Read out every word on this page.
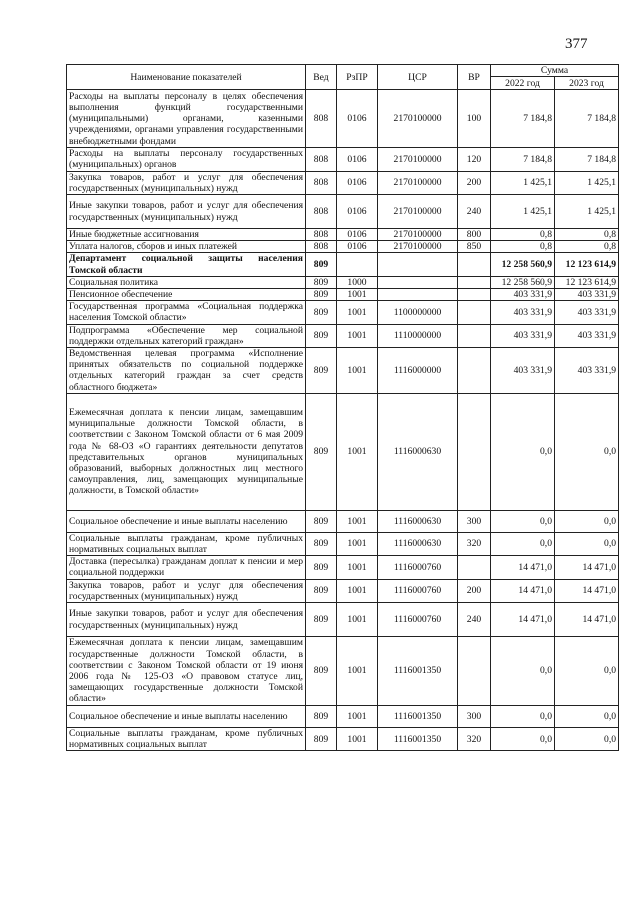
377
Наименование показателей	Вед	РзПР	ЦСР	ВР	Сумма	
					2022 год	2023 год
Расходы на выплаты персоналу в целях обеспечения выполнения функций государственными (муниципальными) органами, казенными учреждениями, органами управления государственными внебюджетными фондами	808	0106	2170100000	100	7 184,8	7 184,8
Расходы на выплаты персоналу государственных (муниципальных) органов	808	0106	2170100000	120	7 184,8	7 184,8
Закупка товаров, работ и услуг для обеспечения государственных (муниципальных) нужд	808	0106	2170100000	200	1 425,1	1 425,1
Иные закупки товаров, работ и услуг для обеспечения государственных (муниципальных) нужд	808	0106	2170100000	240	1 425,1	1 425,1
Иные бюджетные ассигнования	808	0106	2170100000	800	0,8	0,8
Уплата налогов, сборов и иных платежей	808	0106	2170100000	850	0,8	0,8
Департамент социальной защиты населения Томской области	809				12 258 560,9	12 123 614,9
Социальная политика	809	1000			12 258 560,9	12 123 614,9
Пенсионное обеспечение	809	1001			403 331,9	403 331,9
Государственная программа «Социальная поддержка населения Томской области»	809	1001	1100000000		403 331,9	403 331,9
Подпрограмма «Обеспечение мер социальной поддержки отдельных категорий граждан»	809	1001	1110000000		403 331,9	403 331,9
Ведомственная целевая программа «Исполнение принятых обязательств по социальной поддержке отдельных категорий граждан за счет средств областного бюджета»	809	1001	1116000000		403 331,9	403 331,9
Ежемесячная доплата к пенсии лицам, замещавшим муниципальные должности Томской области, в соответствии с Законом Томской области от 6 мая 2009 года № 68-ОЗ «О гарантиях деятельности депутатов представительных органов муниципальных образований, выборных должностных лиц местного самоуправления, лиц, замещающих муниципальные должности, в Томской области»	809	1001	1116000630		0,0	0,0
Социальное обеспечение и иные выплаты населению	809	1001	1116000630	300	0,0	0,0
Социальные выплаты гражданам, кроме публичных нормативных социальных выплат	809	1001	1116000630	320	0,0	0,0
Доставка (пересылка) гражданам доплат к пенсии и мер социальной поддержки	809	1001	1116000760		14 471,0	14 471,0
Закупка товаров, работ и услуг для обеспечения государственных (муниципальных) нужд	809	1001	1116000760	200	14 471,0	14 471,0
Иные закупки товаров, работ и услуг для обеспечения государственных (муниципальных) нужд	809	1001	1116000760	240	14 471,0	14 471,0
Ежемесячная доплата к пенсии лицам, замещавшим государственные должности Томской области, в соответствии с Законом Томской области от 19 июня 2006 года № 125-ОЗ «О правовом статусе лиц, замещающих государственные должности Томской области»	809	1001	1116001350		0,0	0,0
Социальное обеспечение и иные выплаты населению	809	1001	1116001350	300	0,0	0,0
Социальные выплаты гражданам, кроме публичных нормативных социальных выплат	809	1001	1116001350	320	0,0	0,0
